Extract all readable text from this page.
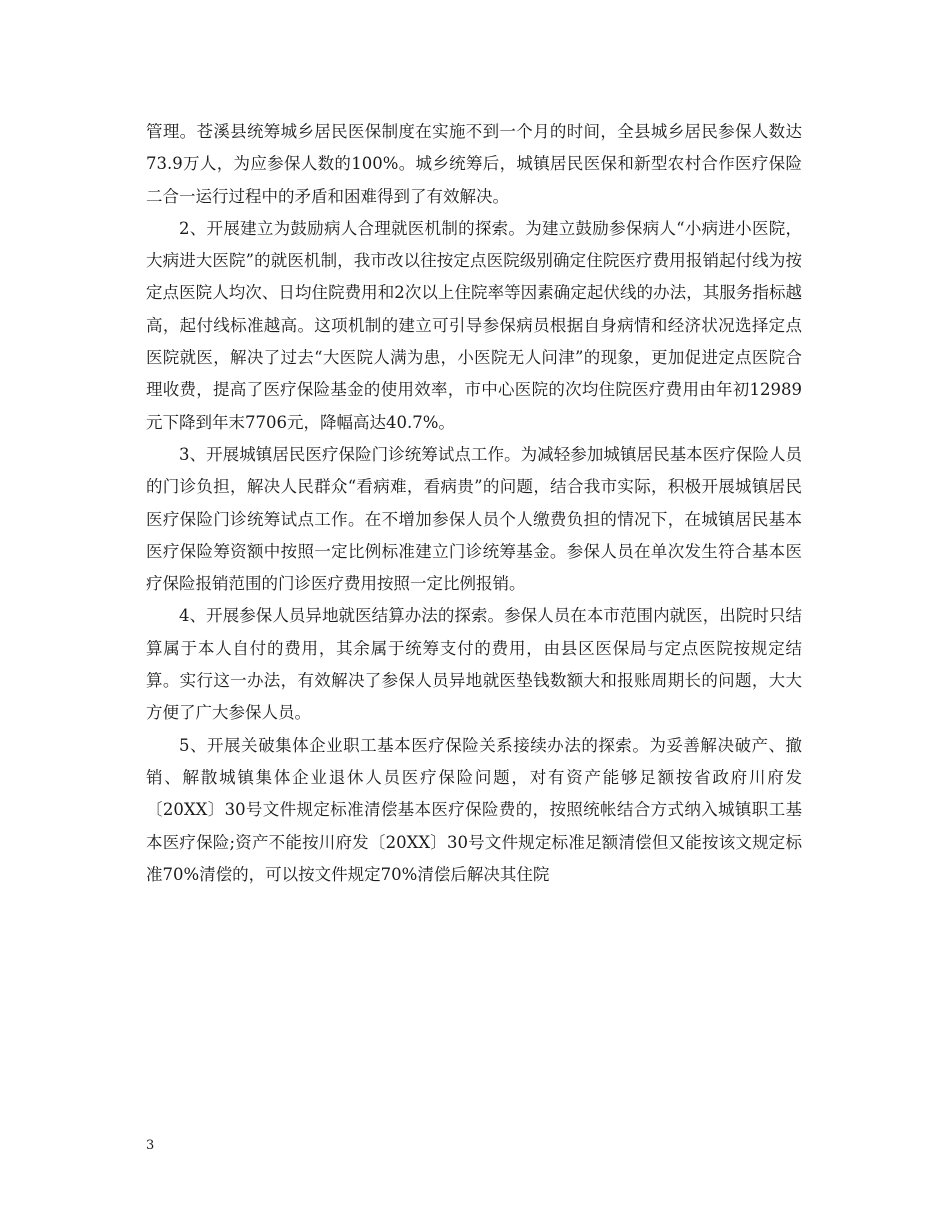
管理。苍溪县统筹城乡居民医保制度在实施不到一个月的时间，全县城乡居民参保人数达73.9万人，为应参保人数的100%。城乡统筹后，城镇居民医保和新型农村合作医疗保险二合一运行过程中的矛盾和困难得到了有效解决。

2、开展建立为鼓励病人合理就医机制的探索。为建立鼓励参保病人“小病进小医院，大病进大医院”的就医机制，我市改以往按定点医院级别确定住院医疗费用报销起付线为按定点医院人均次、日均住院费用和2次以上住院率等因素确定起伏线的办法，其服务指标越高，起付线标准越高。这项机制的建立可引导参保病员根据自身病情和经济状况选择定点医院就医，解决了过去“大医院人满为患，小医院无人问津”的现象，更加促进定点医院合理收费，提高了医疗保险基金的使用效率，市中心医院的次均住院医疗费用由年初12989元下降到年末7706元，降幅高达40.7%。

3、开展城镇居民医疗保险门诊统筹试点工作。为减轻参加城镇居民基本医疗保险人员的门诊负担，解决人民群众“看病难，看病贵”的问题，结合我市实际，积极开展城镇居民医疗保险门诊统筹试点工作。在不增加参保人员个人缴费负担的情况下，在城镇居民基本医疗保险筹资额中按照一定比例标准建立门诊统筹基金。参保人员在单次发生符合基本医疗保险报销范围的门诊医疗费用按照一定比例报销。

4、开展参保人员异地就医结算办法的探索。参保人员在本市范围内就医，出院时只结算属于本人自付的费用，其余属于统筹支付的费用，由县区医保局与定点医院按规定结算。实行这一办法，有效解决了参保人员异地就医垫钱数额大和报账周期长的问题，大大方便了广大参保人员。

5、开展关破集体企业职工基本医疗保险关系接续办法的探索。为妥善解决破产、撤销、解散城镇集体企业退休人员医疗保险问题，对有资产能够足额按省政府川府发〔20XX〕30号文件规定标准清偿基本医疗保险费的，按照统帐结合方式纳入城镇职工基本医疗保险;资产不能按川府发〔20XX〕30号文件规定标准足额清偿但又能按该文规定标准70%清偿的，可以按文件规定70%清偿后解决其住院

3
